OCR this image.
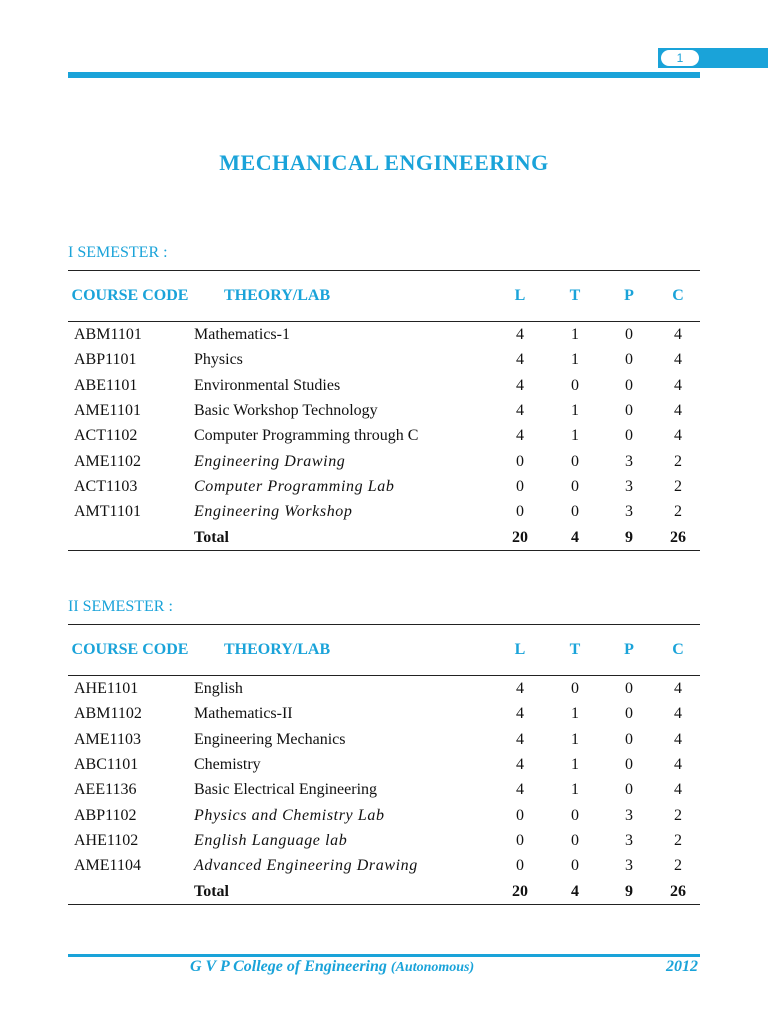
1
MECHANICAL ENGINEERING
I SEMESTER :
COURSE CODE	THEORY/LAB	L	T	P	C
ABM1101	Mathematics-1	4	1	0	4
ABP1101	Physics	4	1	0	4
ABE1101	Environmental Studies	4	0	0	4
AME1101	Basic Workshop Technology	4	1	0	4
ACT1102	Computer Programming through C	4	1	0	4
AME1102	Engineering Drawing	0	0	3	2
ACT1103	Computer Programming Lab	0	0	3	2
AMT1101	Engineering Workshop	0	0	3	2
	Total	20	4	9	26
II SEMESTER :
COURSE CODE	THEORY/LAB	L	T	P	C
AHE1101	English	4	0	0	4
ABM1102	Mathematics-II	4	1	0	4
AME1103	Engineering Mechanics	4	1	0	4
ABC1101	Chemistry	4	1	0	4
AEE1136	Basic Electrical Engineering	4	1	0	4
ABP1102	Physics and Chemistry Lab	0	0	3	2
AHE1102	English Language lab	0	0	3	2
AME1104	Advanced Engineering Drawing	0	0	3	2
	Total	20	4	9	26
G V P College of Engineering (Autonomous)	2012
